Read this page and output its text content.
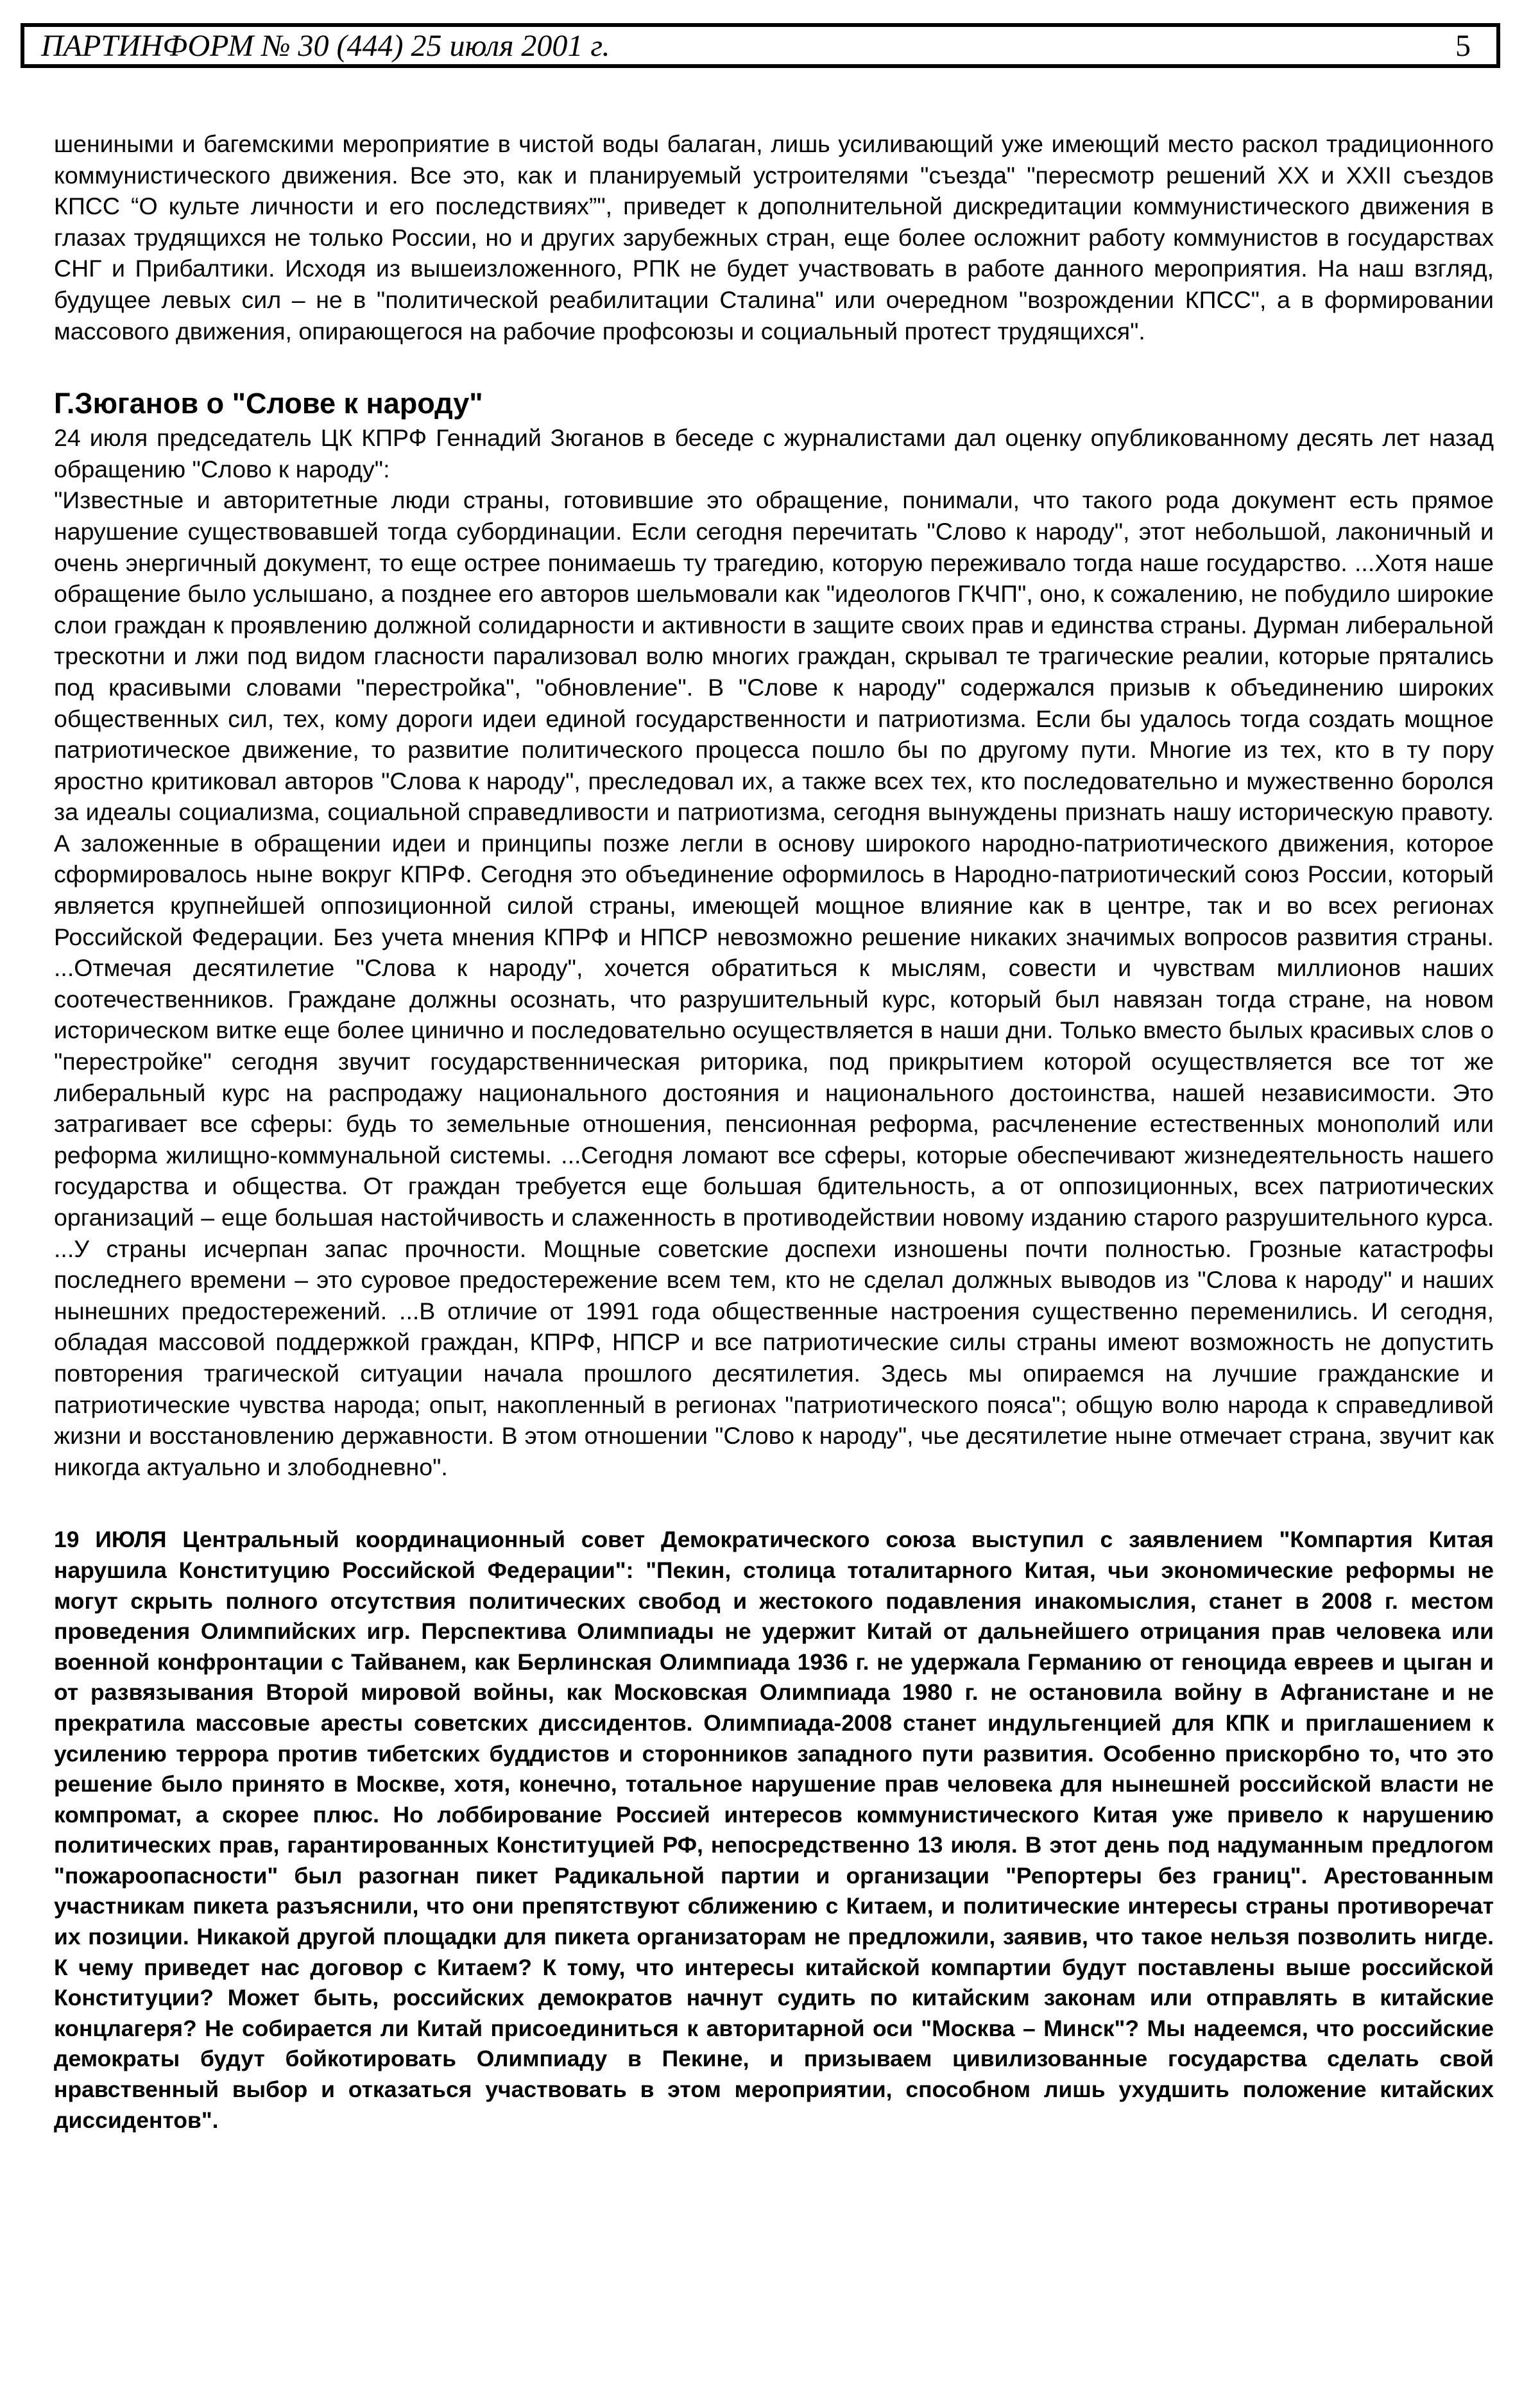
ПАРТИНФОРМ № 30 (444) 25 июля 2001 г.	5

шениными и багемскими мероприятие в чистой воды балаган, лишь усиливающий уже имеющий место раскол традиционного коммунистического движения. Все это, как и планируемый устроителями "съезда" "пересмотр решений XX и XXII съездов КПСС “О культе личности и его последствиях”", приведет к дополнительной дискредитации коммунистического движения в глазах трудящихся не только России, но и других зарубежных стран, еще более осложнит работу коммунистов в государствах СНГ и Прибалтики. Исходя из вышеизложенного, РПК не будет участвовать в работе данного мероприятия. На наш взгляд, будущее левых сил – не в "политической реабилитации Сталина" или очередном "возрождении КПСС", а в формировании массового движения, опирающегося на рабочие профсоюзы и социальный протест трудящихся".

Г.Зюганов о "Слове к народу"

24 июля председатель ЦК КПРФ Геннадий Зюганов в беседе с журналистами дал оценку опубликованному десять лет назад обращению "Слово к народу":

"Известные и авторитетные люди страны, готовившие это обращение, понимали, что такого рода документ есть прямое нарушение существовавшей тогда субординации. Если сегодня перечитать "Слово к народу", этот небольшой, лаконичный и очень энергичный документ, то еще острее понимаешь ту трагедию, которую переживало тогда наше государство. ...Хотя наше обращение было услышано, а позднее его авторов шельмовали как "идеологов ГКЧП", оно, к сожалению, не побудило широкие слои граждан к проявлению должной солидарности и активности в защите своих прав и единства страны. Дурман либеральной трескотни и лжи под видом гласности парализовал волю многих граждан, скрывал те трагические реалии, которые прятались под красивыми словами "перестройка", "обновление". В "Слове к народу" содержался призыв к объединению широких общественных сил, тех, кому дороги идеи единой государственности и патриотизма. Если бы удалось тогда создать мощное патриотическое движение, то развитие политического процесса пошло бы по другому пути. Многие из тех, кто в ту пору яростно критиковал авторов "Слова к народу", преследовал их, а также всех тех, кто последовательно и мужественно боролся за идеалы социализма, социальной справедливости и патриотизма, сегодня вынуждены признать нашу историческую правоту. А заложенные в обращении идеи и принципы позже легли в основу широкого народно-патриотического движения, которое сформировалось ныне вокруг КПРФ. Сегодня это объединение оформилось в Народно-патриотический союз России, который является крупнейшей оппозиционной силой страны, имеющей мощное влияние как в центре, так и во всех регионах Российской Федерации. Без учета мнения КПРФ и НПСР невозможно решение никаких значимых вопросов развития страны. ...Отмечая десятилетие "Слова к народу", хочется обратиться к мыслям, совести и чувствам миллионов наших соотечественников. Граждане должны осознать, что разрушительный курс, который был навязан тогда стране, на новом историческом витке еще более цинично и последовательно осуществляется в наши дни. Только вместо былых красивых слов о "перестройке" сегодня звучит государственническая риторика, под прикрытием которой осуществляется все тот же либеральный курс на распродажу национального достояния и национального достоинства, нашей независимости. Это затрагивает все сферы: будь то земельные отношения, пенсионная реформа, расчленение естественных монополий или реформа жилищно-коммунальной системы. ...Сегодня ломают все сферы, которые обеспечивают жизнедеятельность нашего государства и общества. От граждан требуется еще большая бдительность, а от оппозиционных, всех патриотических организаций – еще большая настойчивость и слаженность в противодействии новому изданию старого разрушительного курса. ...У страны исчерпан запас прочности. Мощные советские доспехи изношены почти полностью. Грозные катастрофы последнего времени – это суровое предостережение всем тем, кто не сделал должных выводов из "Слова к народу" и наших нынешних предостережений. ...В отличие от 1991 года общественные настроения существенно переменились. И сегодня, обладая массовой поддержкой граждан, КПРФ, НПСР и все патриотические силы страны имеют возможность не допустить повторения трагической ситуации начала прошлого десятилетия. Здесь мы опираемся на лучшие гражданские и патриотические чувства народа; опыт, накопленный в регионах "патриотического пояса"; общую волю народа к справедливой жизни и восстановлению державности. В этом отношении "Слово к народу", чье десятилетие ныне отмечает страна, звучит как никогда актуально и злободневно".

19 ИЮЛЯ Центральный координационный совет Демократического союза выступил с заявлением "Компартия Китая нарушила Конституцию Российской Федерации": "Пекин, столица тоталитарного Китая, чьи экономические реформы не могут скрыть полного отсутствия политических свобод и жестокого подавления инакомыслия, станет в 2008 г. местом проведения Олимпийских игр. Перспектива Олимпиады не удержит Китай от дальнейшего отрицания прав человека или военной конфронтации с Тайванем, как Берлинская Олимпиада 1936 г. не удержала Германию от геноцида евреев и цыган и от развязывания Второй мировой войны, как Московская Олимпиада 1980 г. не остановила войну в Афганистане и не прекратила массовые аресты советских диссидентов. Олимпиада-2008 станет индульгенцией для КПК и приглашением к усилению террора против тибетских буддистов и сторонников западного пути развития. Особенно прискорбно то, что это решение было принято в Москве, хотя, конечно, тотальное нарушение прав человека для нынешней российской власти не компромат, а скорее плюс. Но лоббирование Россией интересов коммунистического Китая уже привело к нарушению политических прав, гарантированных Конституцией РФ, непосредственно 13 июля. В этот день под надуманным предлогом "пожароопасности" был разогнан пикет Радикальной партии и организации "Репортеры без границ". Арестованным участникам пикета разъяснили, что они препятствуют сближению с Китаем, и политические интересы страны противоречат их позиции. Никакой другой площадки для пикета организаторам не предложили, заявив, что такое нельзя позволить нигде. К чему приведет нас договор с Китаем? К тому, что интересы китайской компартии будут поставлены выше российской Конституции? Может быть, российских демократов начнут судить по китайским законам или отправлять в китайские концлагеря? Не собирается ли Китай присоединиться к авторитарной оси "Москва – Минск"? Мы надеемся, что российские демократы будут бойкотировать Олимпиаду в Пекине, и призываем цивилизованные государства сделать свой нравственный выбор и отказаться участвовать в этом мероприятии, способном лишь ухудшить положение китайских диссидентов".
